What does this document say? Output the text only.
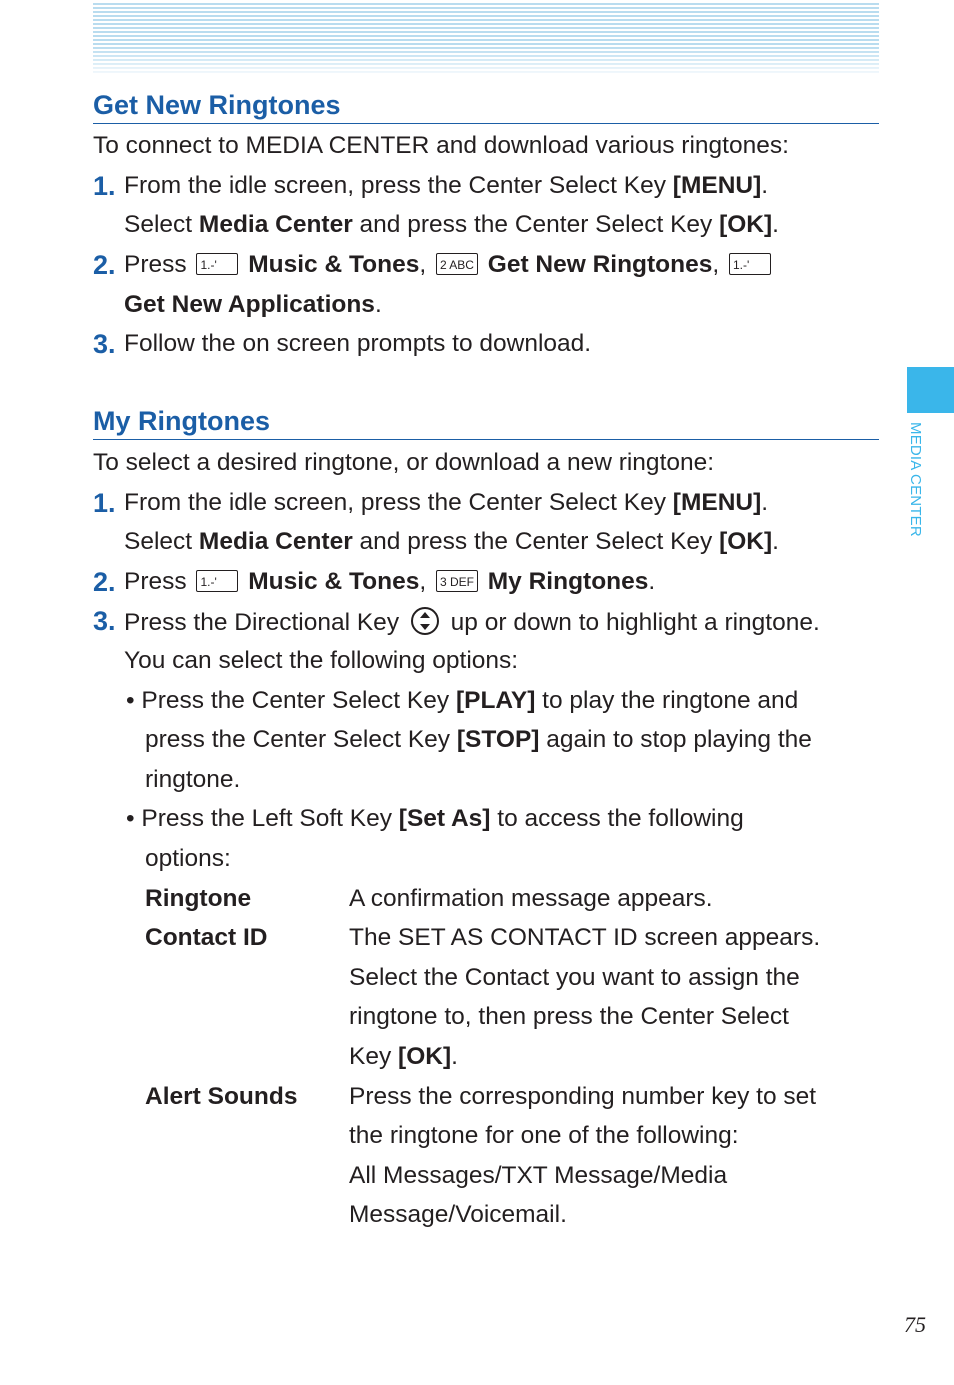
MEDIA CENTER
Get New Ringtones
To connect to MEDIA CENTER and download various ringtones:
1. From the idle screen, press the Center Select Key [MENU].
Select Media Center and press the Center Select Key [OK].
2. Press 1.-' Music & Tones, 2 ABC Get New Ringtones, 1.-'
Get New Applications.
3. Follow the on screen prompts to download.
My Ringtones
To select a desired ringtone, or download a new ringtone:
1. From the idle screen, press the Center Select Key [MENU].
Select Media Center and press the Center Select Key [OK].
2. Press 1.-' Music & Tones, 3 DEF My Ringtones.
3. Press the Directional Key  up or down to highlight a ringtone.
You can select the following options:
• Press the Center Select Key [PLAY] to play the ringtone and
press the Center Select Key [STOP] again to stop playing the
ringtone.
• Press the Left Soft Key [Set As] to access the following
options:
Ringtone	A confirmation message appears.
Contact ID	The SET AS CONTACT ID screen appears.
Select the Contact you want to assign the
ringtone to, then press the Center Select
Key [OK].
Alert Sounds Press the corresponding number key to set
the ringtone for one of the following:
All Messages/TXT Message/Media
Message/Voicemail.
75
